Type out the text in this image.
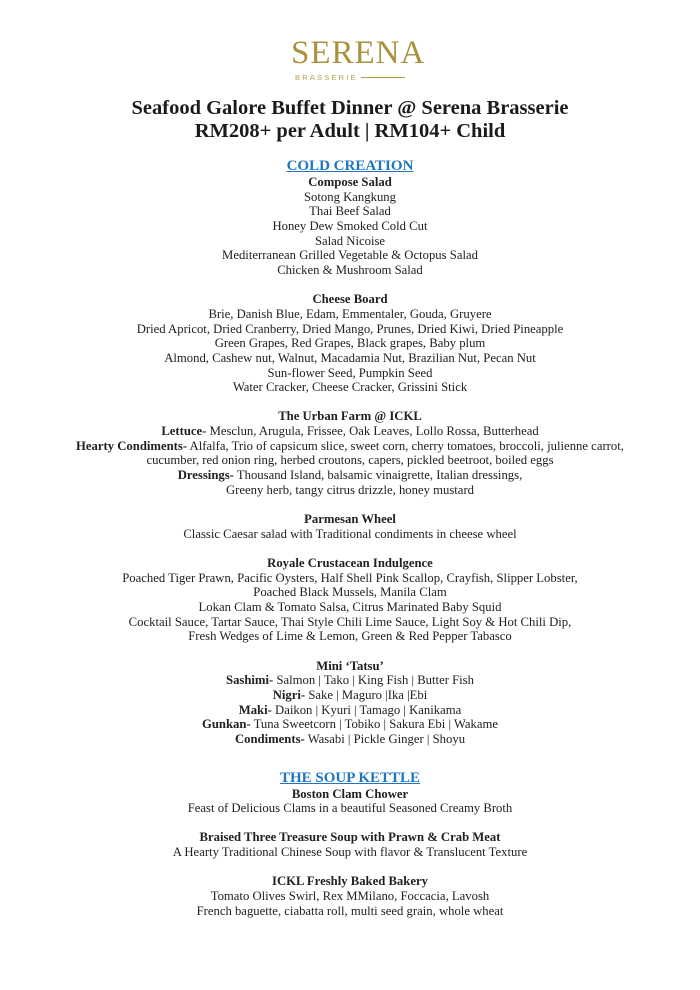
SERENA
BRASSERIE
Seafood Galore Buffet Dinner @ Serena Brasserie
RM208+ per Adult | RM104+ Child
COLD CREATION
Compose Salad

Sotong Kangkung

Thai Beef Salad

Honey Dew Smoked Cold Cut

Salad Nicoise

Mediterranean Grilled Vegetable & Octopus Salad

Chicken & Mushroom Salad

Cheese Board

Brie, Danish Blue, Edam, Emmentaler, Gouda, Gruyere

Dried Apricot, Dried Cranberry, Dried Mango, Prunes, Dried Kiwi, Dried Pineapple

Green Grapes, Red Grapes, Black grapes, Baby plum

Almond, Cashew nut, Walnut, Macadamia Nut, Brazilian Nut, Pecan Nut

Sun-flower Seed, Pumpkin Seed

Water Cracker, Cheese Cracker, Grissini Stick

The Urban Farm @ ICKL

Lettuce- Mesclun, Arugula, Frissee, Oak Leaves, Lollo Rossa, Butterhead

Hearty Condiments- Alfalfa, Trio of capsicum slice, sweet corn, cherry tomatoes, broccoli, julienne carrot,

cucumber, red onion ring, herbed croutons, capers, pickled beetroot, boiled eggs

Dressings- Thousand Island, balsamic vinaigrette, Italian dressings,

Greeny herb, tangy citrus drizzle, honey mustard

Parmesan Wheel

Classic Caesar salad with Traditional condiments in cheese wheel

Royale Crustacean Indulgence

Poached Tiger Prawn, Pacific Oysters, Half Shell Pink Scallop, Crayfish, Slipper Lobster,

Poached Black Mussels, Manila Clam

Lokan Clam & Tomato Salsa, Citrus Marinated Baby Squid

Cocktail Sauce, Tartar Sauce, Thai Style Chili Lime Sauce, Light Soy & Hot Chili Dip,

Fresh Wedges of Lime & Lemon, Green & Red Pepper Tabasco

Mini ‘Tatsu’

Sashimi- Salmon | Tako | King Fish | Butter Fish

Nigri- Sake | Maguro |Ika |Ebi

Maki- Daikon | Kyuri | Tamago | Kanikama

Gunkan- Tuna Sweetcorn | Tobiko | Sakura Ebi | Wakame

Condiments- Wasabi | Pickle Ginger | Shoyu

THE SOUP KETTLE
Boston Clam Chower

Feast of Delicious Clams in a beautiful Seasoned Creamy Broth

Braised Three Treasure Soup with Prawn & Crab Meat

A Hearty Traditional Chinese Soup with flavor & Translucent Texture

ICKL Freshly Baked Bakery

Tomato Olives Swirl, Rex MMilano, Foccacia, Lavosh

French baguette, ciabatta roll, multi seed grain, whole wheat
